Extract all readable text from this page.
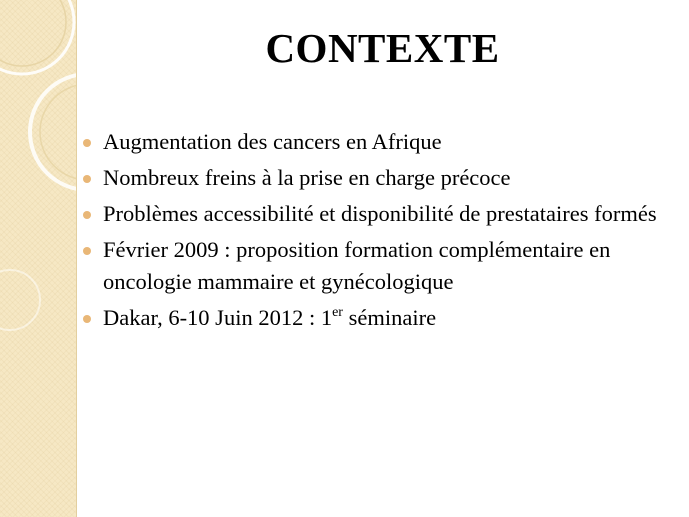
CONTEXTE
Augmentation des cancers en Afrique
Nombreux freins à la prise en charge précoce
Problèmes accessibilité et disponibilité de prestataires formés
Février 2009 : proposition formation complémentaire en oncologie mammaire et gynécologique
Dakar, 6-10 Juin 2012 : 1er séminaire
